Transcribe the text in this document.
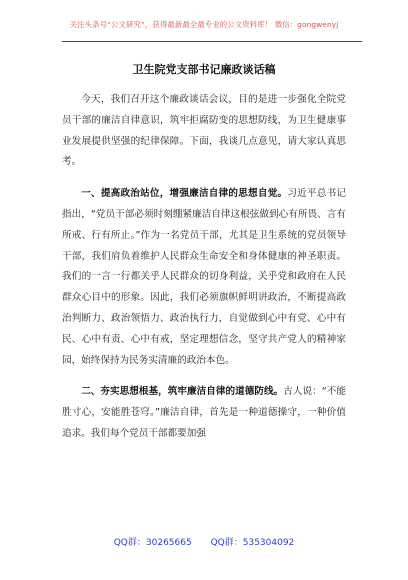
关注头条号“公文研究”，获得最新最全最专业的公文资料库！ 微信：gongwenyj
卫生院党支部书记廉政谈话稿

今天，我们召开这个廉政谈话会议，目的是进一步强化全院党员干部的廉洁自律意识，筑牢拒腐防变的思想防线，为卫生健康事业发展提供坚强的纪律保障。下面，我谈几点意见，请大家认真思考。

一、提高政治站位，增强廉洁自律的思想自觉。习近平总书记指出，“党员干部必须时刻绷紧廉洁自律这根弦做到心有所畏、言有所戒、行有所止。”作为一名党员干部，尤其是卫生系统的党员领导干部，我们肩负着维护人民群众生命安全和身体健康的神圣职责。我们的一言一行都关乎人民群众的切身利益，关乎党和政府在人民群众心目中的形象。因此，我们必须旗帜鲜明讲政治，不断提高政治判断力、政治领悟力、政治执行力，自觉做到心中有党、心中有民、心中有责、心中有戒，坚定理想信念，坚守共产党人的精神家园，始终保持为民务实清廉的政治本色。

二、夯实思想根基，筑牢廉洁自律的道德防线。古人说：“不能胜寸心，安能胜苍穹。”廉洁自律，首先是一种道德操守，一种价值追求。我们每个党员干部都要加强

QQ群：30265665 QQ群：535304092
